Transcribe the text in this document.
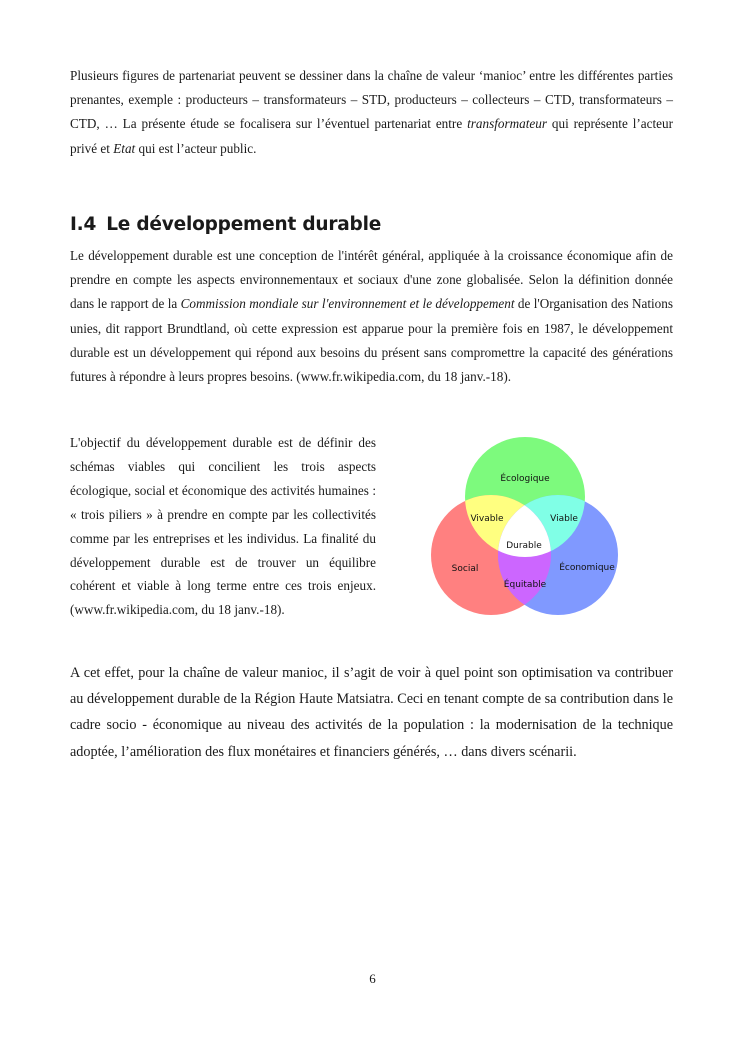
Plusieurs figures de partenariat peuvent se dessiner dans la chaîne de valeur ‘manioc’ entre les différentes parties prenantes, exemple : producteurs – transformateurs – STD, producteurs – collecteurs – CTD, transformateurs – CTD, … La présente étude se focalisera sur l’éventuel partenariat entre transformateur qui représente l’acteur privé et Etat qui est l’acteur public.

I.4 Le développement durable

Le développement durable est une conception de l'intérêt général, appliquée à la croissance économique afin de prendre en compte les aspects environnementaux et sociaux d'une zone globalisée. Selon la définition donnée dans le rapport de la Commission mondiale sur l'environnement et le développement de l'Organisation des Nations unies, dit rapport Brundtland, où cette expression est apparue pour la première fois en 1987, le développement durable est un développement qui répond aux besoins du présent sans compromettre la capacité des générations futures à répondre à leurs propres besoins. (www.fr.wikipedia.com, du 18 janv.-18).

L'objectif du développement durable est de définir des schémas viables qui concilient les trois aspects écologique, social et économique des activités humaines : « trois piliers » à prendre en compte par les collectivités comme par les entreprises et les individus. La finalité du développement durable est de trouver un équilibre cohérent et viable à long terme entre ces trois enjeux. (www.fr.wikipedia.com, du 18 janv.-18).

Écologique
Vivable	Viable
Durable
Social	Économique
Équitable

A cet effet, pour la chaîne de valeur manioc, il s’agit de voir à quel point son optimisation va contribuer au développement durable de la Région Haute Matsiatra. Ceci en tenant compte de sa contribution dans le cadre socio - économique au niveau des activités de la population : la modernisation de la technique adoptée, l’amélioration des flux monétaires et financiers générés, … dans divers scénarii.

6
